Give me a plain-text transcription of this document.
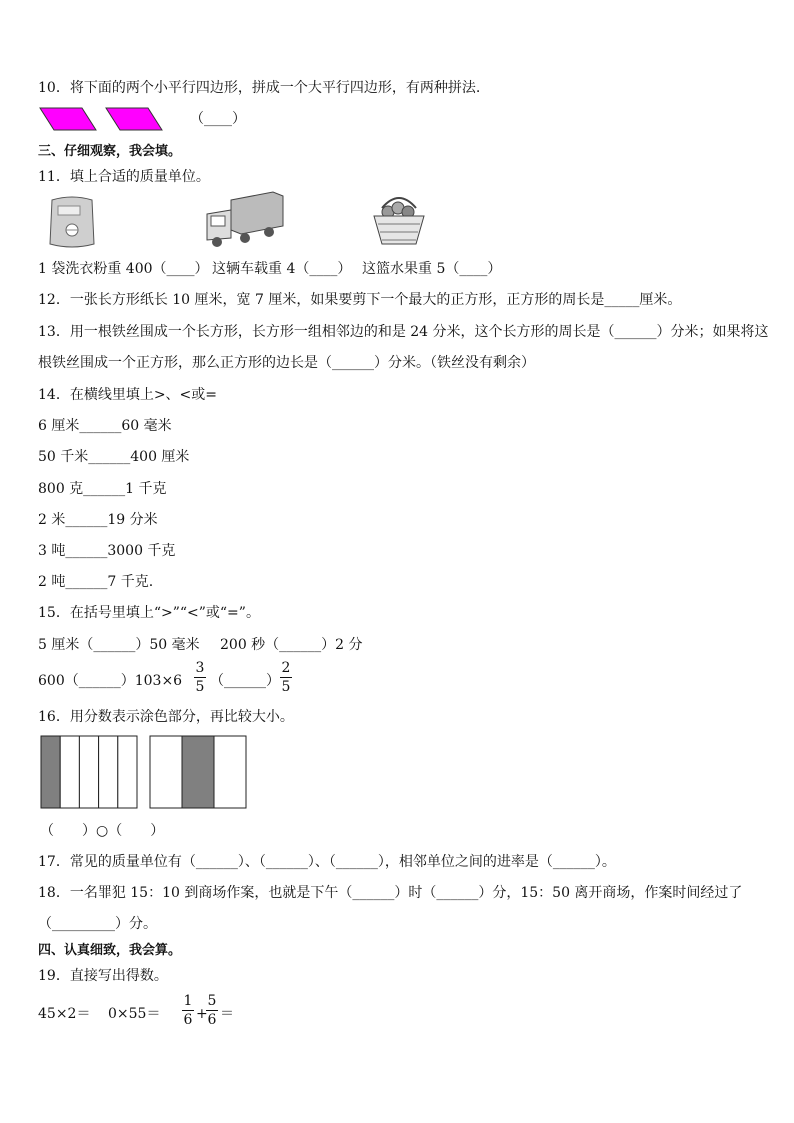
10．将下面的两个小平行四边形，拼成一个大平行四边形，有两种拼法.
（____）
三、仔细观察，我会填。
11．填上合适的质量单位。
1 袋洗衣粉重 400（____） 这辆车载重 4（____） 这篮水果重 5（____）
12．一张长方形纸长 10 厘米，宽 7 厘米，如果要剪下一个最大的正方形，正方形的周长是_____厘米。
13．用一根铁丝围成一个长方形，长方形一组相邻边的和是 24 分米，这个长方形的周长是（______）分米；如果将这
根铁丝围成一个正方形，那么正方形的边长是（______）分米。（铁丝没有剩余）
14．在横线里填上>、<或=
6 厘米______60 毫米
50 千米______400 厘米
800 克______1 千克
2 米______19 分米
3 吨______3000 千克
2 吨______7 千克.
15．在括号里填上“>”“<”或“=”。
5 厘米（______）50 毫米 200 秒（______）2 分
600（______）103×6
3
5 （______）
2
5
16．用分数表示涂色部分，再比较大小。
（　　）○（　　）
17．常见的质量单位有（______）、（______）、（______），相邻单位之间的进率是（______）。
18．一名罪犯 15：10 到商场作案，也就是下午（______）时（______）分，15：50 离开商场，作案时间经过了
（_________）分。
四、认真细致，我会算。
19．直接写出得数。
45×2＝ 0×55＝
1
6 +
5
6 ＝
